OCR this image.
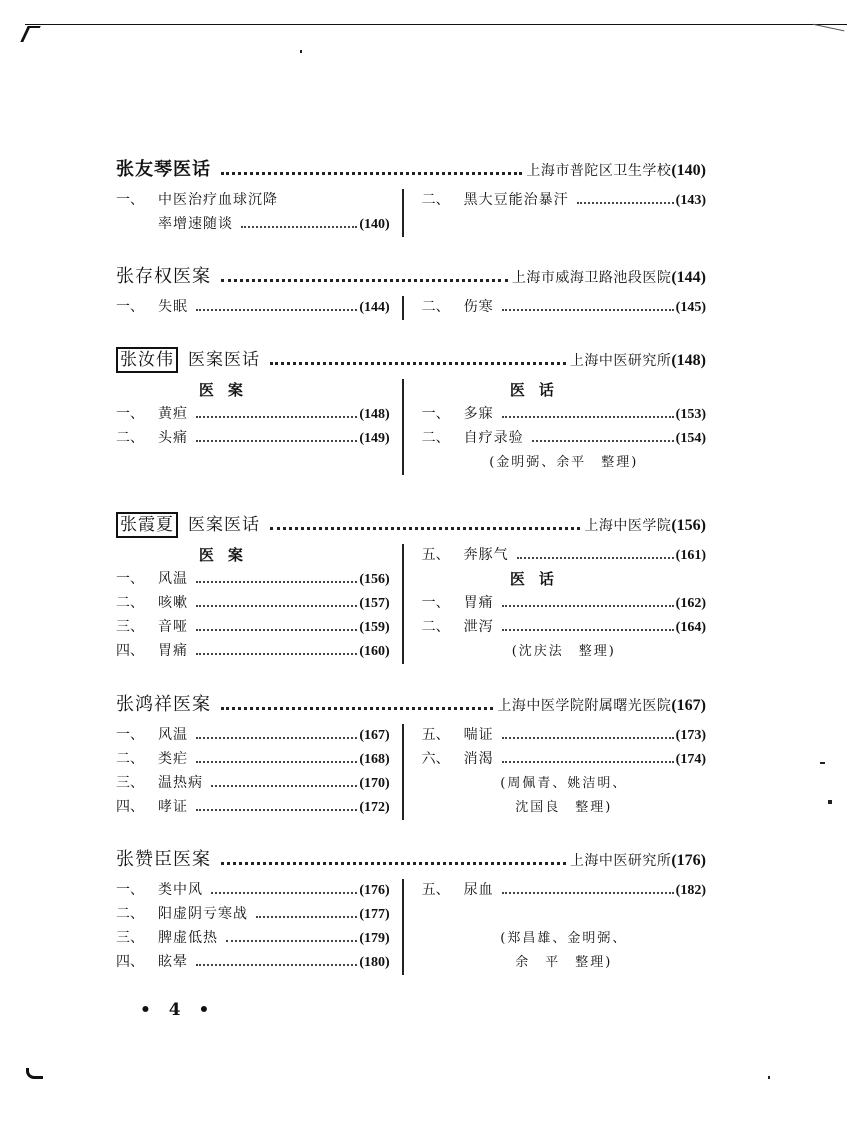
张友琴医话	上海市普陀区卫生学校 (140)
一、	中医治疗血球沉降
率增速随谈	(140)
二、	黑大豆能治暴汗	(143)
张存权医案	上海市威海卫路池段医院 (144)
一、	失眠	(144) 二、	伤寒	(145)
张汝伟 医案医话	上海中医研究所 (148)
医案
一、	黄疸	(148)
二、	头痛	(149)
医话
一、	多寐	(153)
二、	自疗录验	(154)
(金明弼、余平　整理)
张霞夏 医案医话	上海中医学院 (156)
医案
一、	风温	(156)
二、	咳嗽	(157)
三、	音哑	(159)
四、	胃痛	(160)
五、	奔豚气	(161)
医话
一、	胃痛	(162)
二、	泄泻	(164)
(沈庆法　整理)
张鸿祥医案	上海中医学院附属曙光医院 (167)
一、	风温	(167)
二、	类疟	(168)
三、	温热病	(170)
四、	哮证	(172)
五、	喘证	(173)
六、	消渴	(174)
(周佩青、姚洁明、
沈国良　整理)
张赞臣医案	上海中医研究所 (176)
一、	类中风	(176)
二、	阳虚阴亏寒战	(177)
三、	脾虚低热	(179)
四、	眩晕	(180)
五、	尿血	(182)
(郑昌雄、金明弼、
余　平　整理)
• 4 •
